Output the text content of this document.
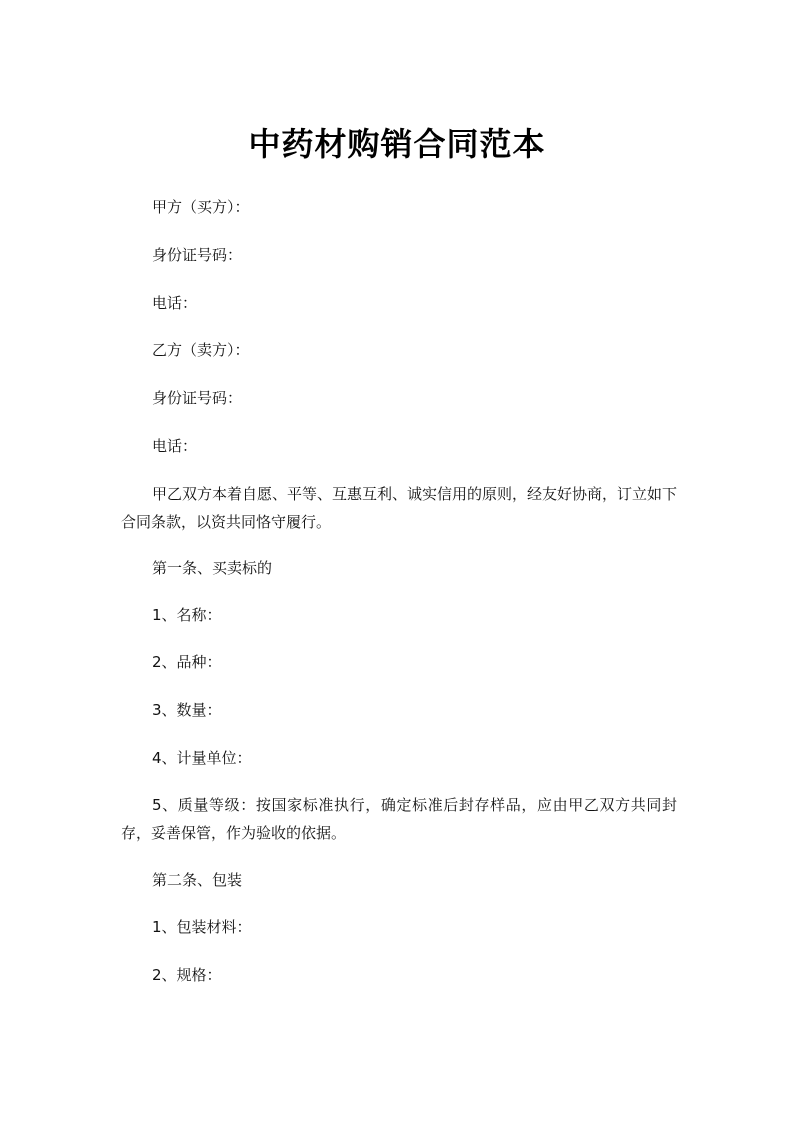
中药材购销合同范本
甲方（买方）：
身份证号码：
电话：
乙方（卖方）：
身份证号码：
电话：
甲乙双方本着自愿、平等、互惠互利、诚实信用的原则，经友好协商，订立如下合同条款，以资共同恪守履行。
第一条、买卖标的
1、名称：
2、品种：
3、数量：
4、计量单位：
5、质量等级：按国家标准执行，确定标准后封存样品，应由甲乙双方共同封存，妥善保管，作为验收的依据。
第二条、包装
1、包装材料：
2、规格：
